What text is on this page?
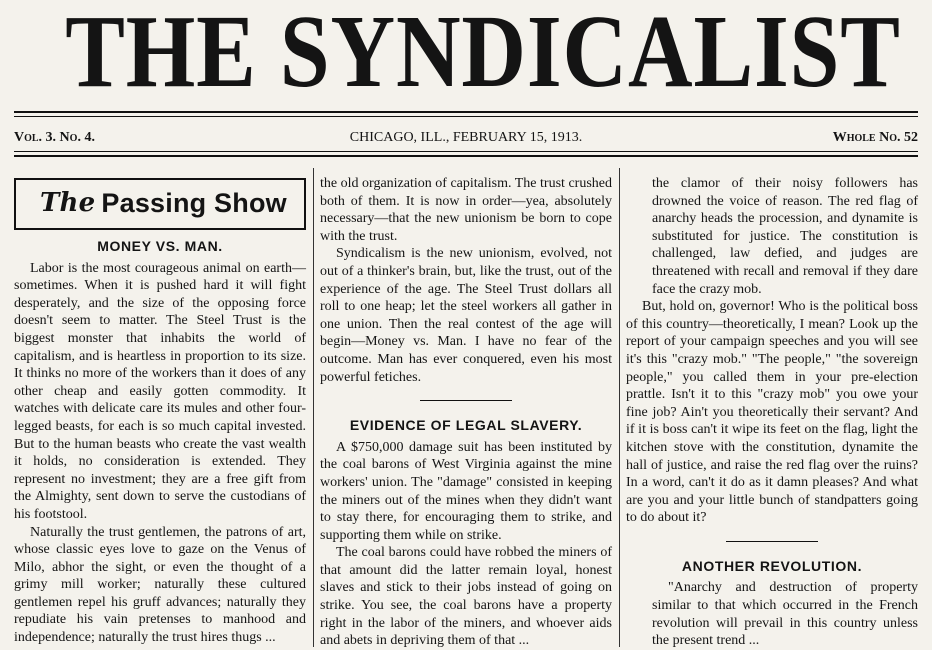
THE SYNDICALIST
Vol. 3. No. 4.	CHICAGO, ILL., FEBRUARY 15, 1913.	Whole No. 52
The Passing Show
MONEY VS. MAN.

Labor is the most courageous animal on earth—sometimes. When it is pushed hard it will fight desperately, and the size of the opposing force doesn't seem to matter. The Steel Trust is the biggest monster that inhabits the world of capitalism, and is heartless in proportion to its size. It thinks no more of the workers than it does of any other cheap and easily gotten commodity. It watches with delicate care its mules and other four-legged beasts, for each is so much capital invested. But to the human beasts who create the vast wealth it holds, no consideration is extended. They represent no investment; they are a free gift from the Almighty, sent down to serve the custodians of his footstool.

Naturally the trust gentlemen, the patrons of art, whose classic eyes love to gaze on the Venus of Milo, abhor the sight, or even the thought of a grimy mill worker; naturally these cultured gentlemen repel his gruff advances; naturally they repudiate his vain pretenses to manhood and independence; naturally the trust hires thugs ...

the old organization of capitalism. The trust crushed both of them. It is now in order—yea, absolutely necessary—that the new unionism be born to cope with the trust.

Syndicalism is the new unionism, evolved, not out of a thinker's brain, but, like the trust, out of the experience of the age. The Steel Trust dollars all roll to one heap; let the steel workers all gather in one union. Then the real contest of the age will begin—Money vs. Man. I have no fear of the outcome. Man has ever conquered, even his most powerful fetiches.

EVIDENCE OF LEGAL SLAVERY.

A $750,000 damage suit has been instituted by the coal barons of West Virginia against the mine workers' union. The "damage" consisted in keeping the miners out of the mines when they didn't want to stay there, for encouraging them to strike, and supporting them while on strike.

The coal barons could have robbed the miners of that amount did the latter remain loyal, honest slaves and stick to their jobs instead of going on strike. You see, the coal barons have a property right in the labor of the miners, and whoever aids and abets in depriving them of that ...

the clamor of their noisy followers has drowned the voice of reason. The red flag of anarchy heads the procession, and dynamite is substituted for justice. The constitution is challenged, law defied, and judges are threatened with recall and removal if they dare face the crazy mob.

But, hold on, governor! Who is the political boss of this country—theoretically, I mean? Look up the report of your campaign speeches and you will see it's this "crazy mob." "The people," "the sovereign people," you called them in your pre-election prattle. Isn't it to this "crazy mob" you owe your fine job? Ain't you theoretically their servant? And if it is boss can't it wipe its feet on the flag, light the kitchen stove with the constitution, dynamite the hall of justice, and raise the red flag over the ruins? In a word, can't it do as it damn pleases? And what are you and your little bunch of standpatters going to do about it?

ANOTHER REVOLUTION.

"Anarchy and destruction of property similar to that which occurred in the French revolution will prevail in this country unless the present trend ...
